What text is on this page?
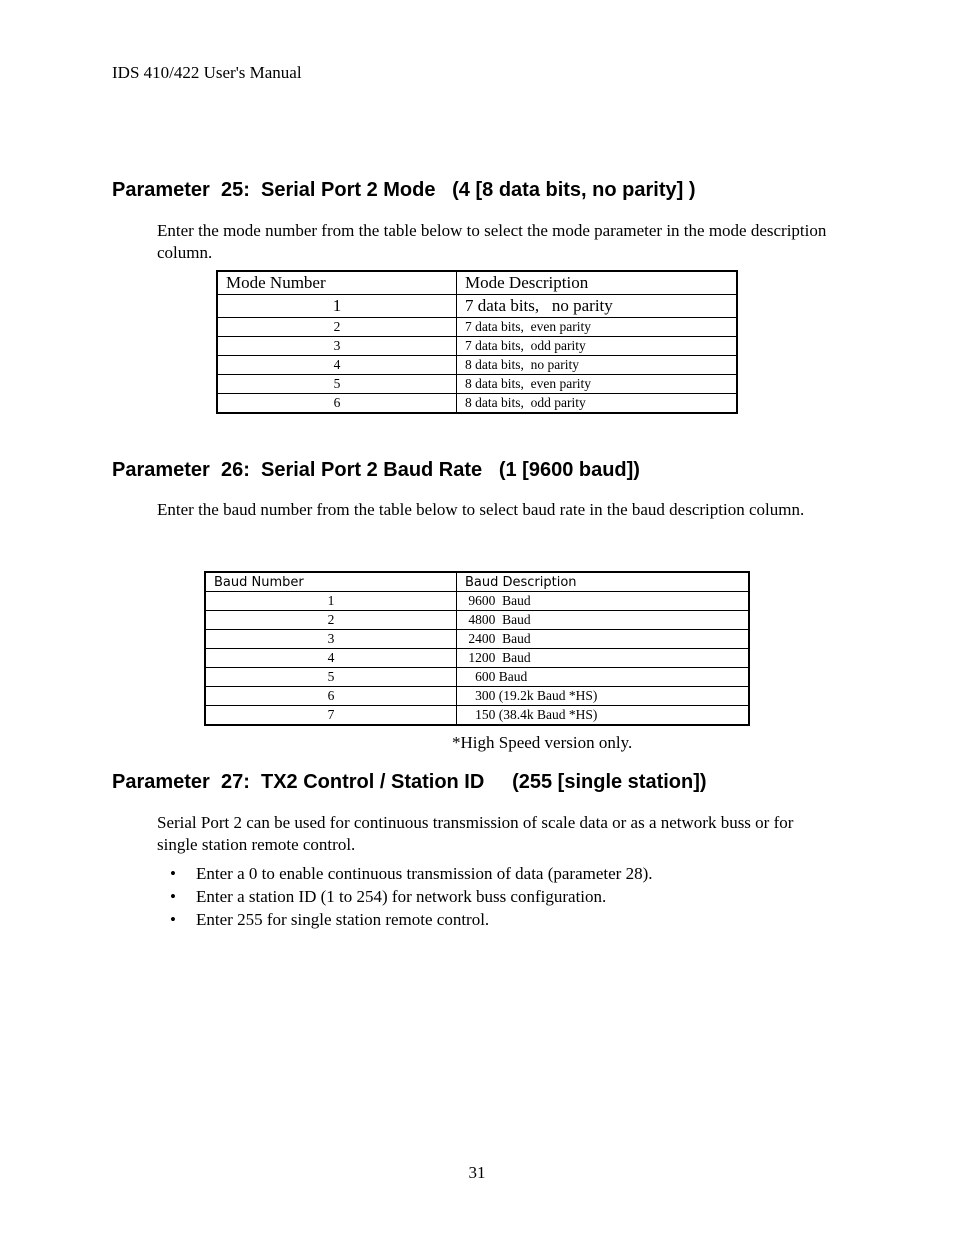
IDS 410/422 User's Manual
Parameter  25:  Serial Port 2 Mode   (4 [8 data bits, no parity] )
Enter the mode number from the table below to select the mode parameter in the mode description column.
Mode Number	Mode Description
1	7 data bits,   no parity
2	7 data bits,  even parity
3	7 data bits,  odd parity
4	8 data bits,  no parity
5	8 data bits,  even parity
6	8 data bits,  odd parity
Parameter  26:  Serial Port 2 Baud Rate   (1 [9600 baud])
Enter the baud number from the table below to select baud rate in the baud description column.
Baud Number	Baud Description
1	9600  Baud
2	4800  Baud
3	2400  Baud
4	1200  Baud
5	600 Baud
6	300 (19.2k Baud *HS)
7	150 (38.4k Baud *HS)
*High Speed version only.
Parameter  27:  TX2 Control / Station ID     (255 [single station])
Serial Port 2 can be used for continuous transmission of scale data or as a network buss or for single station remote control.
• Enter a 0 to enable continuous transmission of data (parameter 28).
• Enter a station ID (1 to 254) for network buss configuration.
• Enter 255 for single station remote control.
31
